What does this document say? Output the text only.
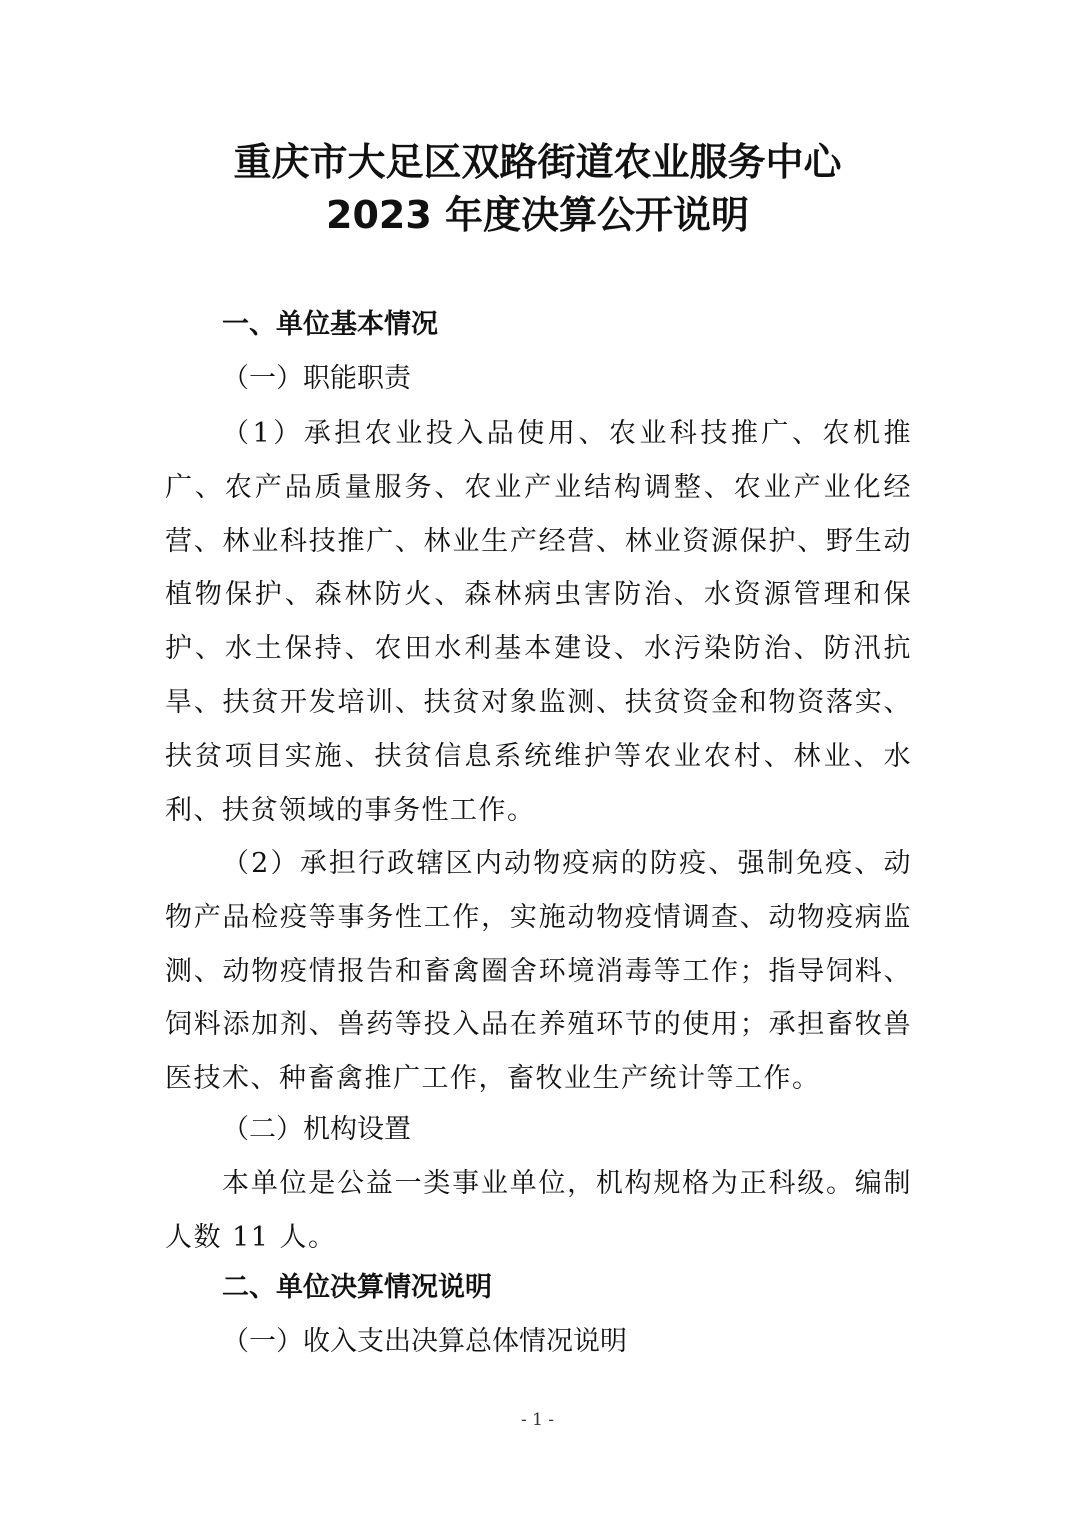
重庆市大足区双路街道农业服务中心
2023 年度决算公开说明
一、单位基本情况
（一）职能职责
（1）承担农业投入品使用、农业科技推广、农机推广、农产品质量服务、农业产业结构调整、农业产业化经营、林业科技推广、林业生产经营、林业资源保护、野生动植物保护、森林防火、森林病虫害防治、水资源管理和保护、水土保持、农田水利基本建设、水污染防治、防汛抗旱、扶贫开发培训、扶贫对象监测、扶贫资金和物资落实、扶贫项目实施、扶贫信息系统维护等农业农村、林业、水利、扶贫领域的事务性工作。
（2）承担行政辖区内动物疫病的防疫、强制免疫、动物产品检疫等事务性工作，实施动物疫情调查、动物疫病监测、动物疫情报告和畜禽圈舍环境消毒等工作；指导饲料、饲料添加剂、兽药等投入品在养殖环节的使用；承担畜牧兽医技术、种畜禽推广工作，畜牧业生产统计等工作。
（二）机构设置
本单位是公益一类事业单位，机构规格为正科级。编制人数 11 人。
二、单位决算情况说明
（一）收入支出决算总体情况说明
- 1 -
